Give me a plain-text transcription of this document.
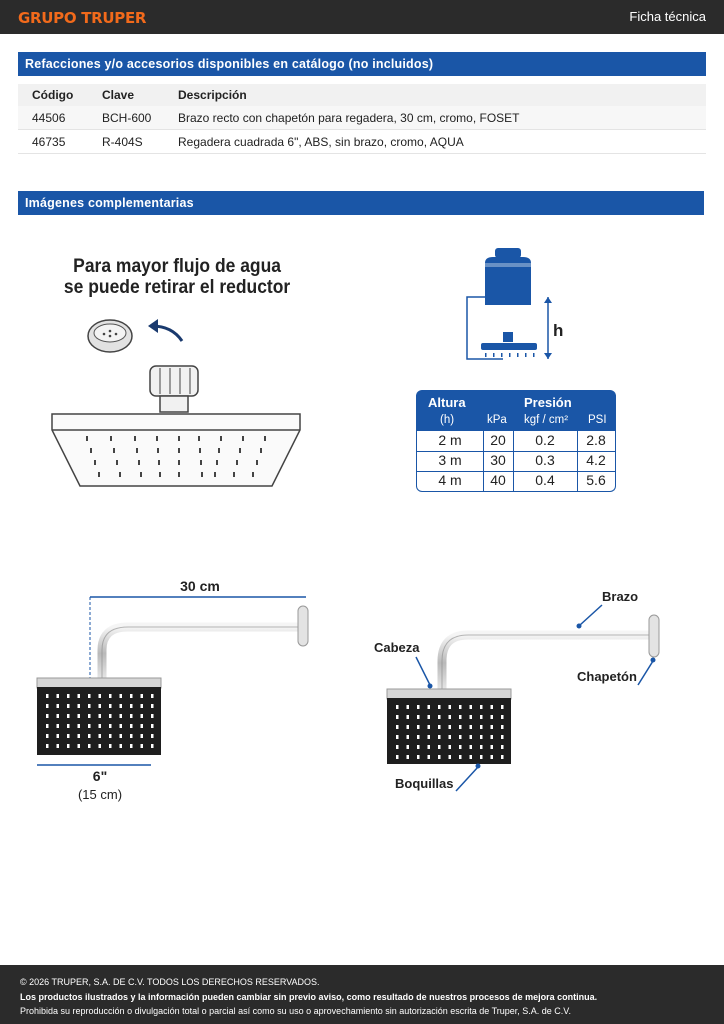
GRUPO TRUPER	Ficha técnica
Refacciones y/o accesorios disponibles en catálogo (no incluidos)
Código	Clave	Descripción
44506	BCH-600	Brazo recto con chapetón para regadera, 30 cm, cromo, FOSET
46735	R-404S	Regadera cuadrada 6", ABS, sin brazo, cromo, AQUA
Imágenes complementarias
Para mayor flujo de agua
se puede retirar el reductor
h
Altura
(h)
Presión
kPa kgf / cm² PSI
2 m	20	0.2	2.8
3 m	30	0.3	4.2
4 m	40	0.4	5.6
30 cm
6"
(15 cm)
Brazo
Cabeza
Chapetón
Boquillas
© 2026 TRUPER, S.A. DE C.V. TODOS LOS DERECHOS RESERVADOS.
Los productos ilustrados y la información pueden cambiar sin previo aviso, como resultado de nuestros procesos de mejora continua.
Prohibida su reproducción o divulgación total o parcial así como su uso o aprovechamiento sin autorización escrita de Truper, S.A. de C.V.
